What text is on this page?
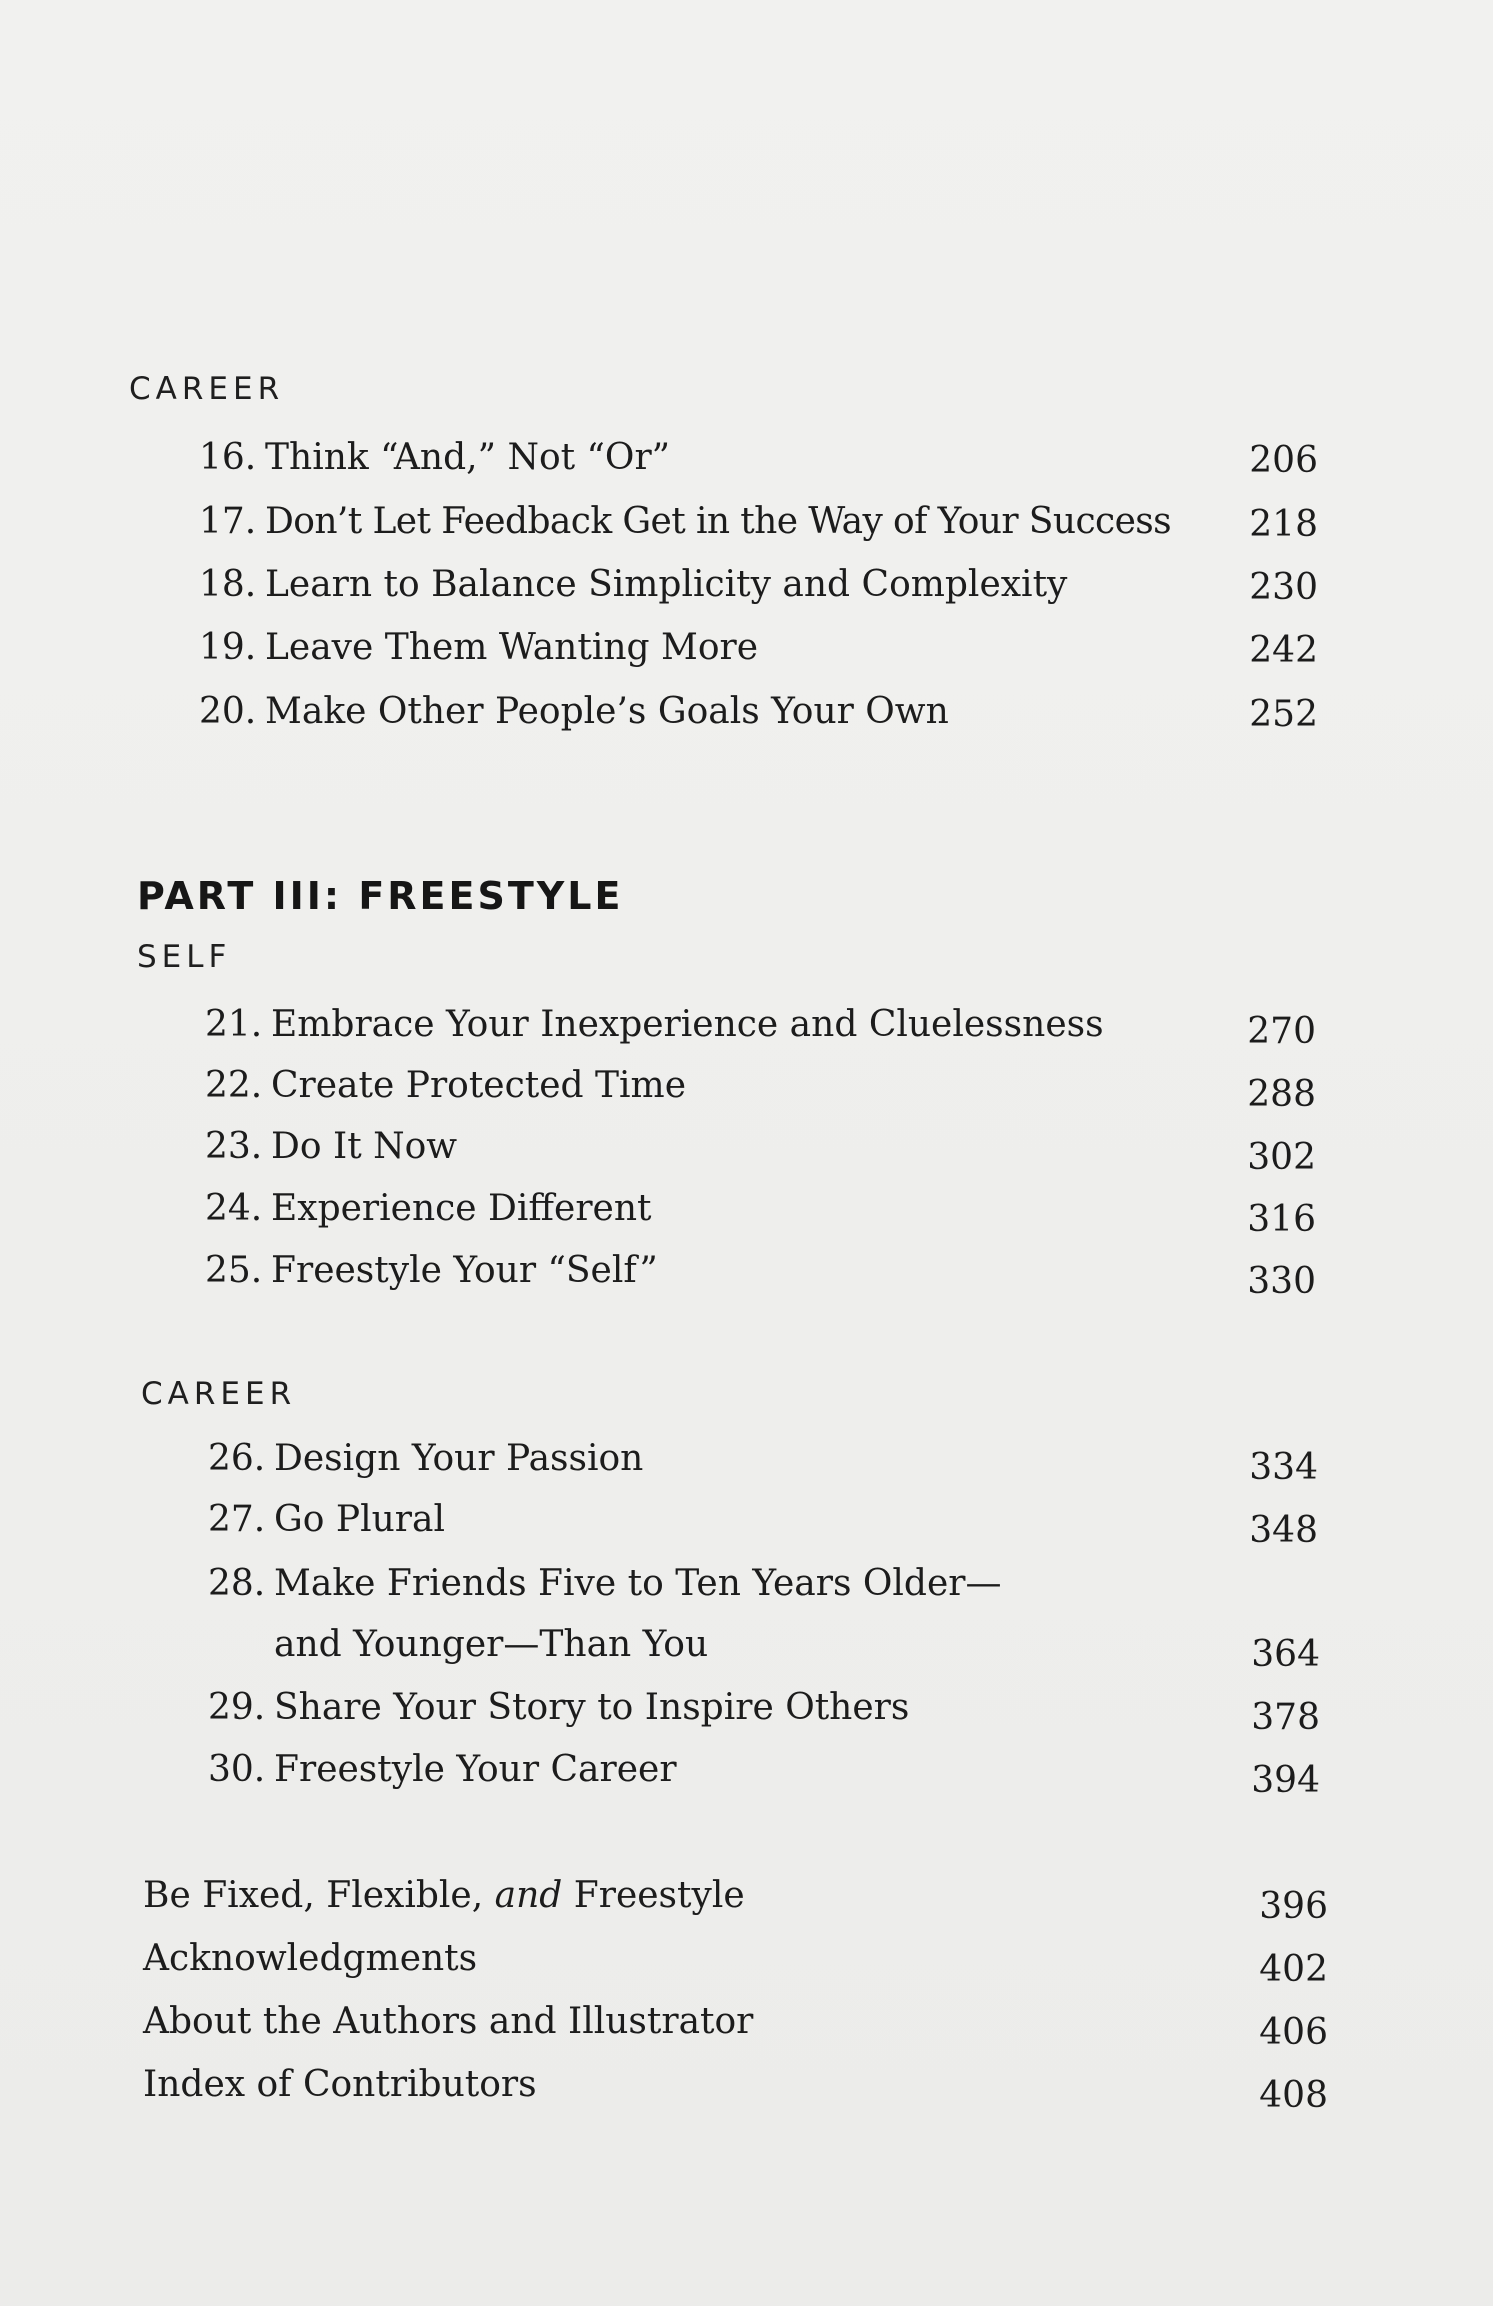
CAREER
16. Think “And,” Not “Or”	206
17. Don’t Let Feedback Get in the Way of Your Success	218
18. Learn to Balance Simplicity and Complexity	230
19. Leave Them Wanting More	242
20. Make Other People’s Goals Your Own	252
PART III: FREESTYLE
SELF
21. Embrace Your Inexperience and Cluelessness	270
22. Create Protected Time	288
23. Do It Now	302
24. Experience Different	316
25. Freestyle Your “Self”	330
CAREER
26. Design Your Passion	334
27. Go Plural	348
28. Make Friends Five to Ten Years Older—
and Younger—Than You	364
29. Share Your Story to Inspire Others	378
30. Freestyle Your Career	394
Be Fixed, Flexible, and Freestyle	396
Acknowledgments	402
About the Authors and Illustrator	406
Index of Contributors	408
